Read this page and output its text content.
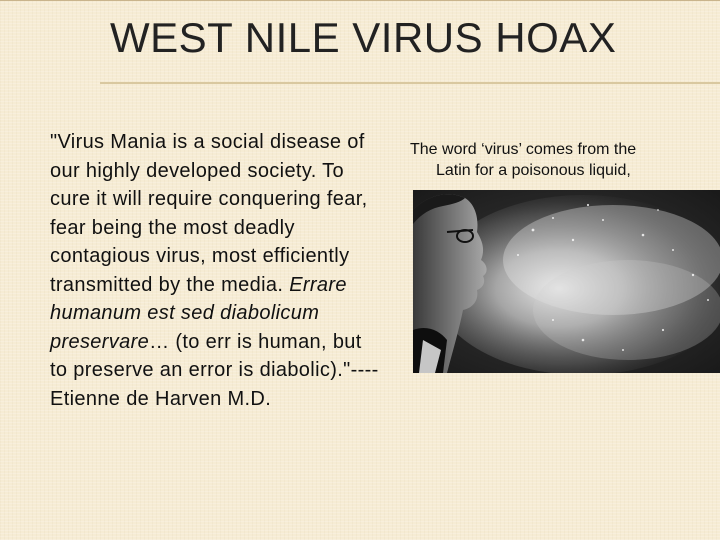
WEST NILE VIRUS HOAX
"Virus Mania is a social disease of our highly developed society. To cure it will require conquering fear, fear being the most deadly contagious virus, most efficiently transmitted by the media. Errare humanum est sed diabolicum preservare… (to err is human, but to preserve an error is diabolic)."----
Etienne de Harven M.D.
The word ‘virus’ comes from the
Latin for a poisonous liquid,
